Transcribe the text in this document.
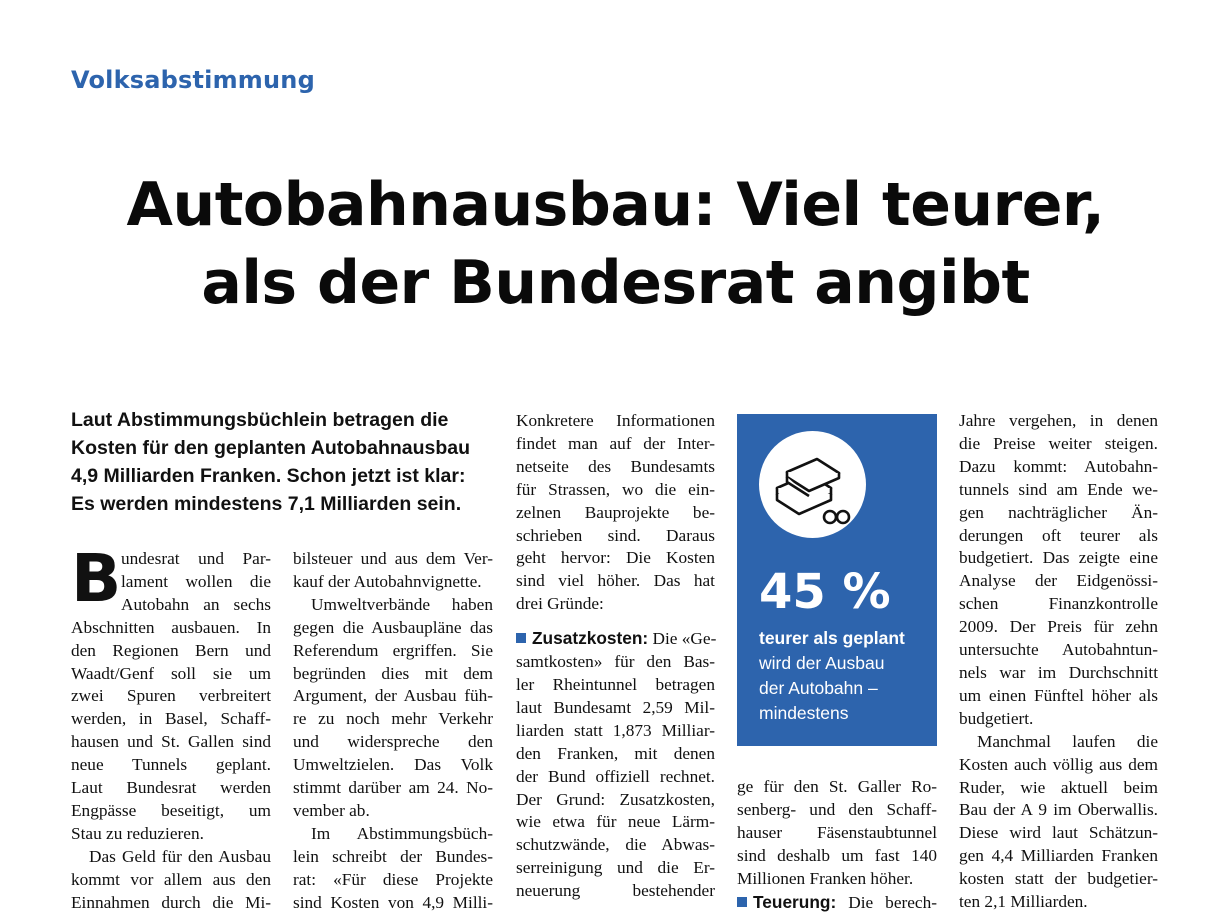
Volksabstimmung
Autobahnausbau: Viel teurer,
als der Bundesrat angibt
Laut Abstimmungsbüchlein betragen die
Kosten für den geplanten Autobahnausbau
4,9 Milliarden Franken. Schon jetzt ist klar:
Es werden mindestens 7,1 Milliarden sein.
B undesrat und Par-
lament wollen die
Autobahn an sechs
Abschnitten ausbauen. In
den Regionen Bern und
Waadt/Genf soll sie um
zwei Spuren verbreitert
werden, in Basel, Schaff-
hausen und St. Gallen sind
neue Tunnels geplant.
Laut Bundesrat werden
Engpässe beseitigt, um
Stau zu reduzieren.
Das Geld für den Ausbau
kommt vor allem aus den
Einnahmen durch die Mi-
bilsteuer und aus dem Ver-
kauf der Autobahnvignette.
Umweltverbände haben
gegen die Ausbaupläne das
Referendum ergriffen. Sie
begründen dies mit dem
Argument, der Ausbau füh-
re zu noch mehr Verkehr
und widerspreche den
Umweltzielen. Das Volk
stimmt darüber am 24. No-
vember ab.
Im Abstimmungsbüch-
lein schreibt der Bundes-
rat: «Für diese Projekte
sind Kosten von 4,9 Milli-
Konkretere Informationen
findet man auf der Inter-
netseite des Bundesamts
für Strassen, wo die ein-
zelnen Bauprojekte be-
schrieben sind. Daraus
geht hervor: Die Kosten
sind viel höher. Das hat
drei Gründe:
Zusatzkosten: Die «Ge-
samtkosten» für den Bas-
ler Rheintunnel betragen
laut Bundesamt 2,59 Mil-
liarden statt 1,873 Milliar-
den Franken, mit denen
der Bund offiziell rechnet.
Der Grund: Zusatzkosten,
wie etwa für neue Lärm-
schutzwände, die Abwas-
serreinigung und die Er-
neuerung bestehender
45 %
teurer als geplant
wird der Ausbau
der Autobahn –
mindestens
ge für den St. Galler Ro-
senberg- und den Schaff-
hauser Fäsenstaubtunnel
sind deshalb um fast 140
Millionen Franken höher.
Teuerung: Die berech-
Jahre vergehen, in denen
die Preise weiter steigen.
Dazu kommt: Autobahn-
tunnels sind am Ende we-
gen nachträglicher Än-
derungen oft teurer als
budgetiert. Das zeigte eine
Analyse der Eidgenössi-
schen Finanzkontrolle
2009. Der Preis für zehn
untersuchte Autobahntun-
nels war im Durchschnitt
um einen Fünftel höher als
budgetiert.
Manchmal laufen die
Kosten auch völlig aus dem
Ruder, wie aktuell beim
Bau der A 9 im Oberwallis.
Diese wird laut Schätzun-
gen 4,4 Milliarden Franken
kosten statt der budgetier-
ten 2,1 Milliarden.
